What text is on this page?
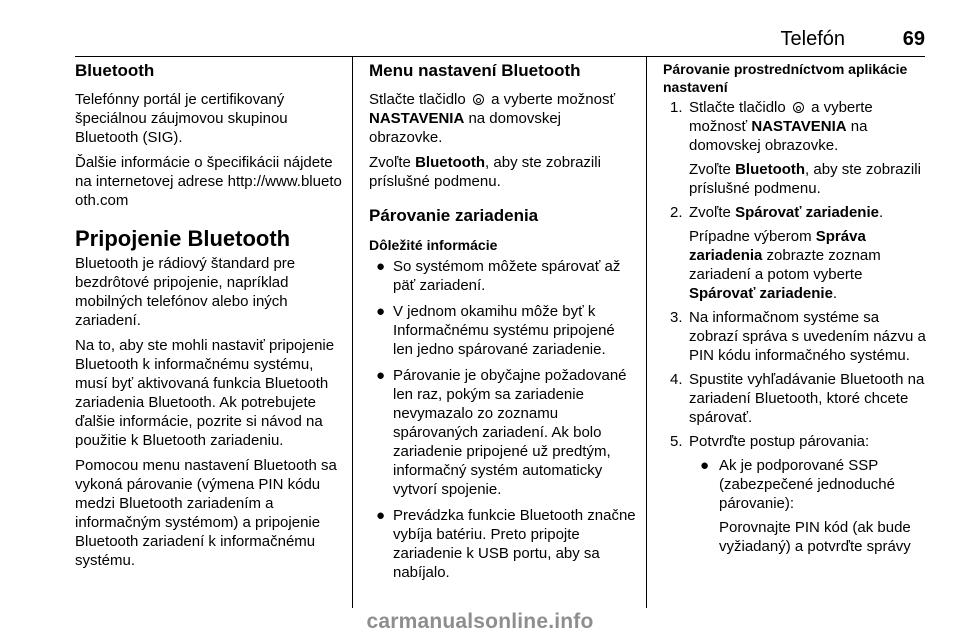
Telefón	69
Bluetooth

Telefónny portál je certifikovaný špeciálnou záujmovou skupinou Bluetooth (SIG).

Ďalšie informácie o špecifikácii nájdete na internetovej adrese http://www.bluetooth.com

Pripojenie Bluetooth

Bluetooth je rádiový štandard pre bezdrôtové pripojenie, napríklad mobilných telefónov alebo iných zariadení.

Na to, aby ste mohli nastaviť pripojenie Bluetooth k informačnému systému, musí byť aktivovaná funkcia Bluetooth zariadenia Bluetooth. Ak potrebujete ďalšie informácie, pozrite si návod na použitie k Bluetooth zariadeniu.

Pomocou menu nastavení Bluetooth sa vykoná párovanie (výmena PIN kódu medzi Bluetooth zariadením a informačným systémom) a pripojenie Bluetooth zariadení k informačnému systému.

Menu nastavení Bluetooth

Stlačte tlačidlo a vyberte možnosť NASTAVENIA na domovskej obrazovke.

Zvoľte Bluetooth, aby ste zobrazili príslušné podmenu.

Párovanie zariadenia
Dôležité informácie
● So systémom môžete spárovať až päť zariadení.
● V jednom okamihu môže byť k Informačnému systému pripojené len jedno spárované zariadenie.
● Párovanie je obyčajne požadované len raz, pokým sa zariadenie nevymazalo zo zoznamu spárovaných zariadení. Ak bolo zariadenie pripojené už predtým, informačný systém automaticky vytvorí spojenie.
● Prevádzka funkcie Bluetooth značne vybíja batériu. Preto pripojte zariadenie k USB portu, aby sa nabíjalo.
Párovanie prostredníctvom aplikácie nastavení
1. Stlačte tlačidlo a vyberte možnosť NASTAVENIA na domovskej obrazovke.
Zvoľte Bluetooth, aby ste zobrazili príslušné podmenu.
2. Zvoľte Spárovať zariadenie.
Prípadne výberom Správa zariadenia zobrazte zoznam zariadení a potom vyberte Spárovať zariadenie.
3. Na informačnom systéme sa zobrazí správa s uvedením názvu a PIN kódu informačného systému.
4. Spustite vyhľadávanie Bluetooth na zariadení Bluetooth, ktoré chcete spárovať.
5. Potvrďte postup párovania:
● Ak je podporované SSP (zabezpečené jednoduché párovanie):
Porovnajte PIN kód (ak bude vyžiadaný) a potvrďte správy
carmanualsonline.info
